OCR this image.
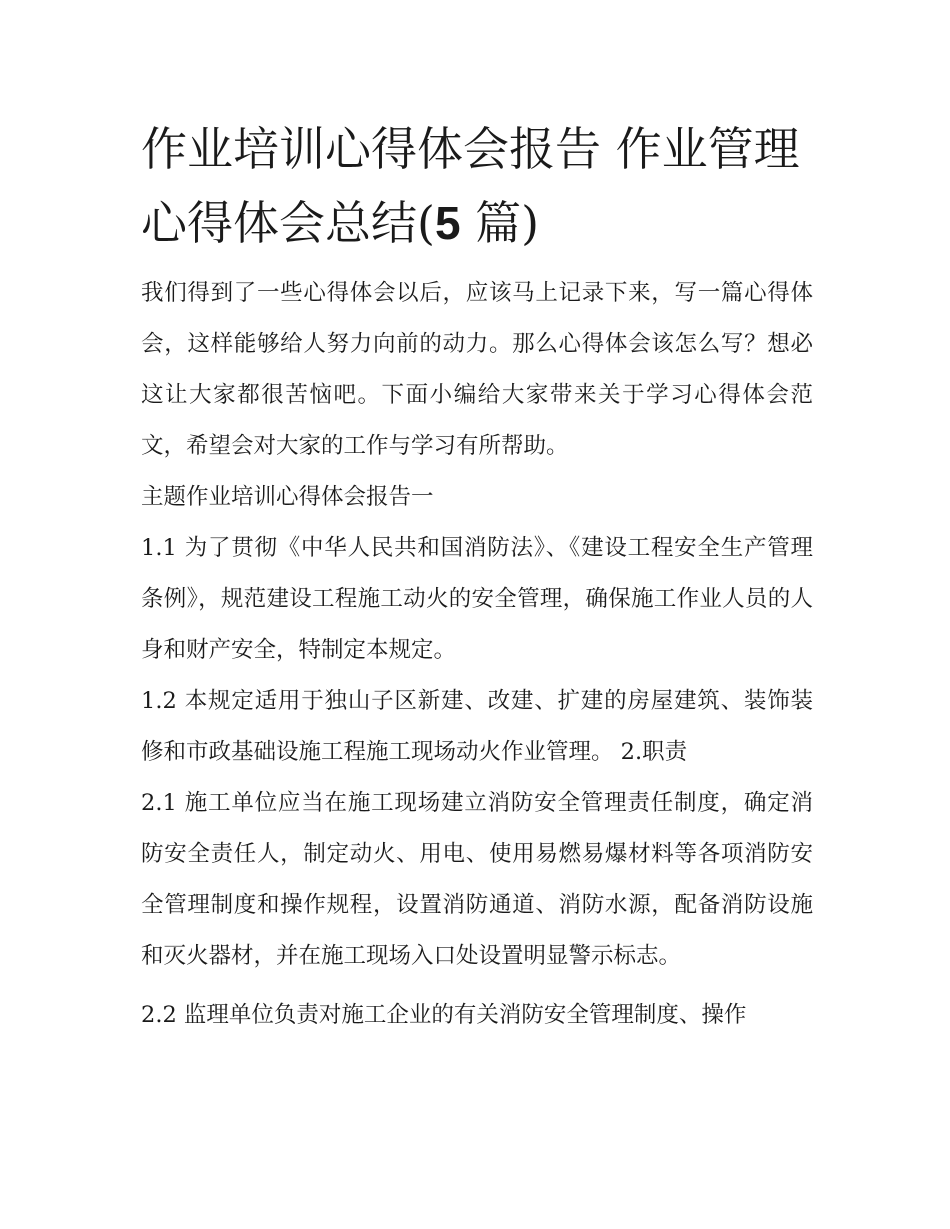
作业培训心得体会报告 作业管理心得体会总结(5 篇)

我们得到了一些心得体会以后，应该马上记录下来，写一篇心得体会，这样能够给人努力向前的动力。那么心得体会该怎么写？想必这让大家都很苦恼吧。下面小编给大家带来关于学习心得体会范文，希望会对大家的工作与学习有所帮助。

主题作业培训心得体会报告一

1.1 为了贯彻《中华人民共和国消防法》、《建设工程安全生产管理条例》，规范建设工程施工动火的安全管理，确保施工作业人员的人身和财产安全，特制定本规定。

1.2 本规定适用于独山子区新建、改建、扩建的房屋建筑、装饰装修和市政基础设施工程施工现场动火作业管理。 2.职责

2.1 施工单位应当在施工现场建立消防安全管理责任制度，确定消防安全责任人，制定动火、用电、使用易燃易爆材料等各项消防安全管理制度和操作规程，设置消防通道、消防水源，配备消防设施和灭火器材，并在施工现场入口处设置明显警示标志。

2.2 监理单位负责对施工企业的有关消防安全管理制度、操作
